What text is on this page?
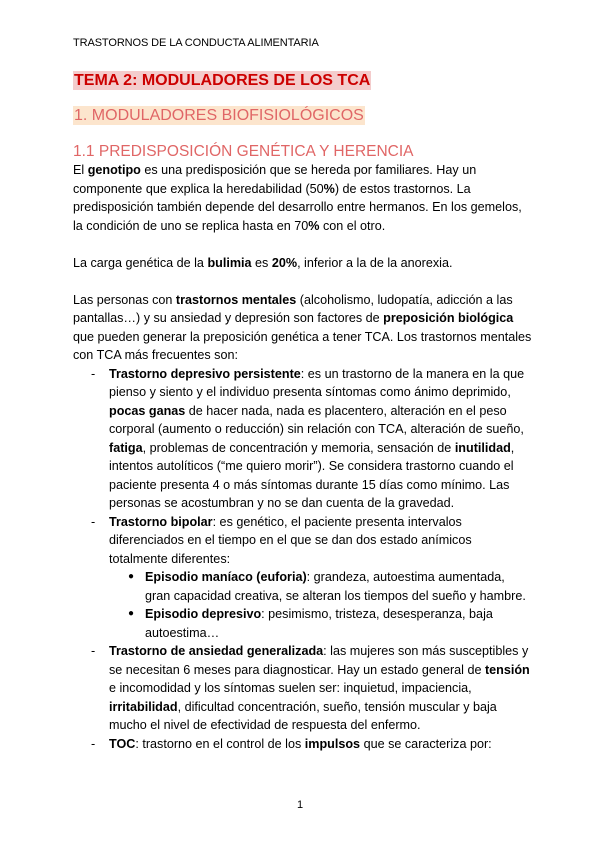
TRASTORNOS DE LA CONDUCTA ALIMENTARIA
TEMA 2: MODULADORES DE LOS TCA
1. MODULADORES BIOFISIOLÓGICOS
1.1 PREDISPOSICIÓN GENÉTICA Y HERENCIA

El genotipo es una predisposición que se hereda por familiares. Hay un componente que explica la heredabilidad (50%) de estos trastornos. La predisposición también depende del desarrollo entre hermanos. En los gemelos, la condición de uno se replica hasta en 70% con el otro.

La carga genética de la bulimia es 20%, inferior a la de la anorexia.

Las personas con trastornos mentales (alcoholismo, ludopatía, adicción a las pantallas…) y su ansiedad y depresión son factores de preposición biológica que pueden generar la preposición genética a tener TCA. Los trastornos mentales con TCA más frecuentes son:

- Trastorno depresivo persistente: es un trastorno de la manera en la que pienso y siento y el individuo presenta síntomas como ánimo deprimido, pocas ganas de hacer nada, nada es placentero, alteración en el peso corporal (aumento o reducción) sin relación con TCA, alteración de sueño, fatiga, problemas de concentración y memoria, sensación de inutilidad, intentos autolíticos (“me quiero morir”). Se considera trastorno cuando el paciente presenta 4 o más síntomas durante 15 días como mínimo. Las personas se acostumbran y no se dan cuenta de la gravedad.
- Trastorno bipolar: es genético, el paciente presenta intervalos diferenciados en el tiempo en el que se dan dos estado anímicos totalmente diferentes:
● Episodio maníaco (euforia): grandeza, autoestima aumentada, gran capacidad creativa, se alteran los tiempos del sueño y hambre.
● Episodio depresivo: pesimismo, tristeza, desesperanza, baja autoestima…
- Trastorno de ansiedad generalizada: las mujeres son más susceptibles y se necesitan 6 meses para diagnosticar. Hay un estado general de tensión e incomodidad y los síntomas suelen ser: inquietud, impaciencia, irritabilidad, dificultad concentración, sueño, tensión muscular y baja mucho el nivel de efectividad de respuesta del enfermo.
- TOC: trastorno en el control de los impulsos que se caracteriza por:
1
